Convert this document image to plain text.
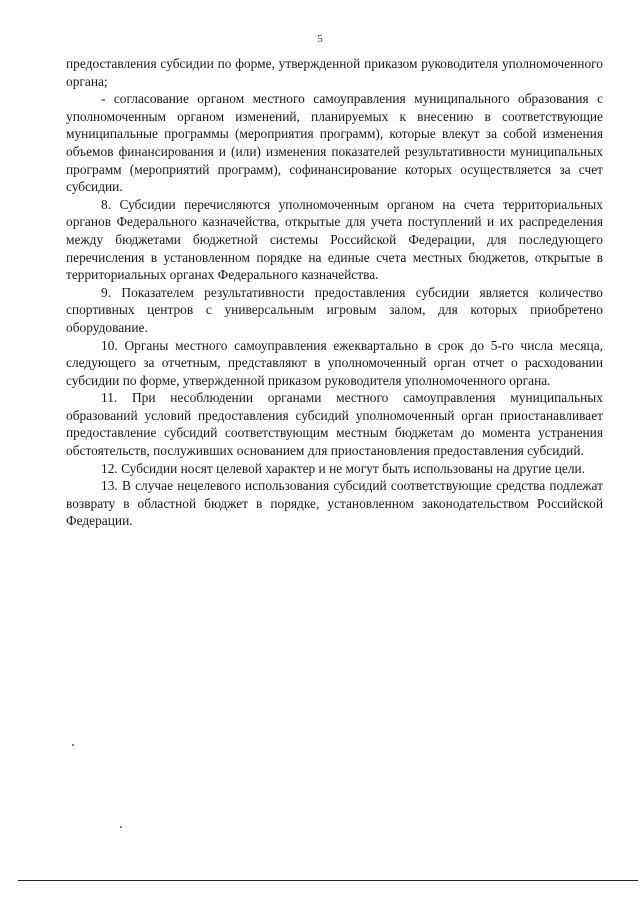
5

предоставления субсидии по форме, утвержденной приказом руководителя уполномоченного органа;

- согласование органом местного самоуправления муниципального образования с уполномоченным органом изменений, планируемых к внесению в соответствующие муниципальные программы (мероприятия программ), которые влекут за собой изменения объемов финансирования и (или) изменения показателей результативности муниципальных программ (мероприятий программ), софинансирование которых осуществляется за счет субсидии.

8. Субсидии перечисляются уполномоченным органом на счета территориальных органов Федерального казначейства, открытые для учета поступлений и их распределения между бюджетами бюджетной системы Российской Федерации, для последующего перечисления в установленном порядке на единые счета местных бюджетов, открытые в территориальных органах Федерального казначейства.

9. Показателем результативности предоставления субсидии является количество спортивных центров с универсальным игровым залом, для которых приобретено оборудование.

10. Органы местного самоуправления ежеквартально в срок до 5-го числа месяца, следующего за отчетным, представляют в уполномоченный орган отчет о расходовании субсидии по форме, утвержденной приказом руководителя уполномоченного органа.

11. При несоблюдении органами местного самоуправления муниципальных образований условий предоставления субсидий уполномоченный орган приостанавливает предоставление субсидий соответствующим местным бюджетам до момента устранения обстоятельств, послуживших основанием для приостановления предоставления субсидий.

12. Субсидии носят целевой характер и не могут быть использованы на другие цели.

13. В случае нецелевого использования субсидий соответствующие средства подлежат возврату в областной бюджет в порядке, установленном законодательством Российской Федерации.
